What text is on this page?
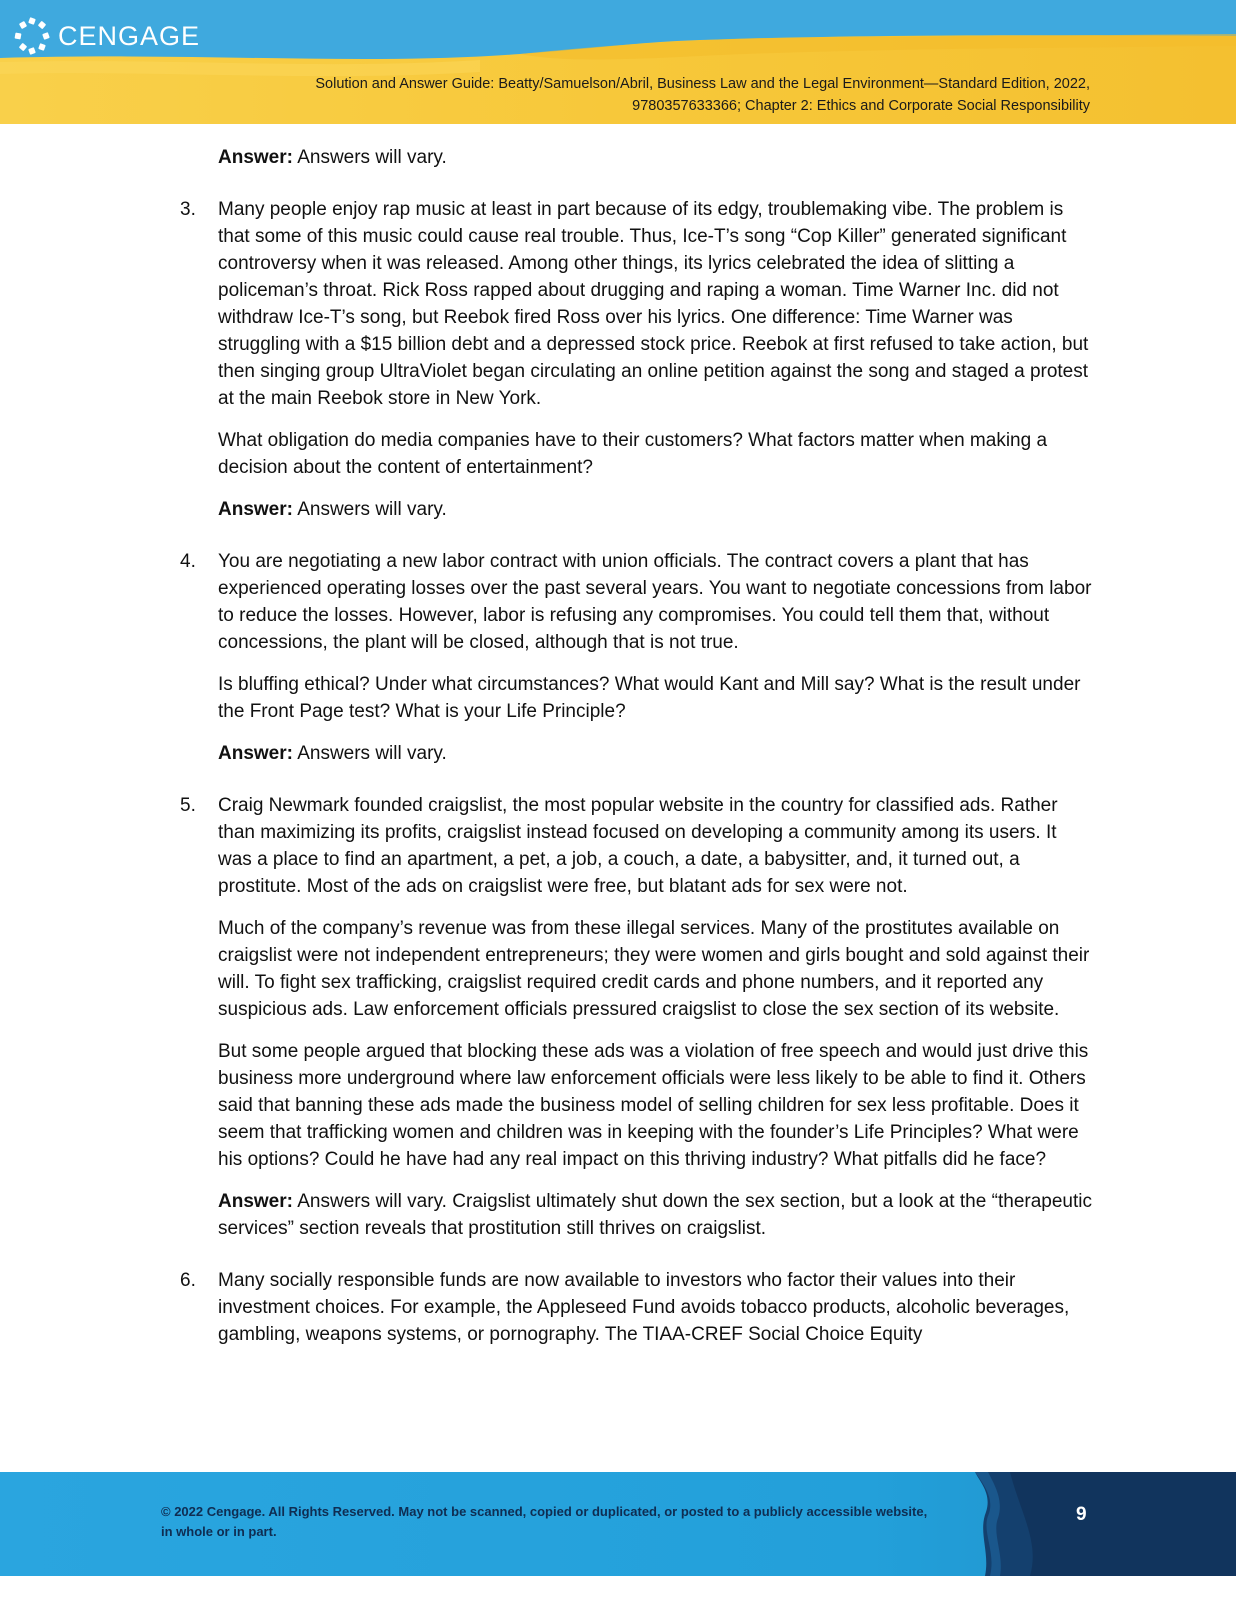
CENGAGE
Solution and Answer Guide: Beatty/Samuelson/Abril, Business Law and the Legal Environment—Standard Edition, 2022,
9780357633366; Chapter 2: Ethics and Corporate Social Responsibility

Answer: Answers will vary.

3. Many people enjoy rap music at least in part because of its edgy, troublemaking vibe. The problem is that some of this music could cause real trouble. Thus, Ice-T’s song “Cop Killer” generated significant controversy when it was released. Among other things, its lyrics celebrated the idea of slitting a policeman’s throat. Rick Ross rapped about drugging and raping a woman. Time Warner Inc. did not withdraw Ice-T’s song, but Reebok fired Ross over his lyrics. One difference: Time Warner was struggling with a $15 billion debt and a depressed stock price. Reebok at first refused to take action, but then singing group UltraViolet began circulating an online petition against the song and staged a protest at the main Reebok store in New York.

What obligation do media companies have to their customers? What factors matter when making a decision about the content of entertainment?

Answer: Answers will vary.

4. You are negotiating a new labor contract with union officials. The contract covers a plant that has experienced operating losses over the past several years. You want to negotiate concessions from labor to reduce the losses. However, labor is refusing any compromises. You could tell them that, without concessions, the plant will be closed, although that is not true.

Is bluffing ethical? Under what circumstances? What would Kant and Mill say? What is the result under the Front Page test? What is your Life Principle?

Answer: Answers will vary.

5. Craig Newmark founded craigslist, the most popular website in the country for classified ads. Rather than maximizing its profits, craigslist instead focused on developing a community among its users. It was a place to find an apartment, a pet, a job, a couch, a date, a babysitter, and, it turned out, a prostitute. Most of the ads on craigslist were free, but blatant ads for sex were not.

Much of the company’s revenue was from these illegal services. Many of the prostitutes available on craigslist were not independent entrepreneurs; they were women and girls bought and sold against their will. To fight sex trafficking, craigslist required credit cards and phone numbers, and it reported any suspicious ads. Law enforcement officials pressured craigslist to close the sex section of its website.

But some people argued that blocking these ads was a violation of free speech and would just drive this business more underground where law enforcement officials were less likely to be able to find it. Others said that banning these ads made the business model of selling children for sex less profitable. Does it seem that trafficking women and children was in keeping with the founder’s Life Principles? What were his options? Could he have had any real impact on this thriving industry? What pitfalls did he face?

Answer: Answers will vary. Craigslist ultimately shut down the sex section, but a look at the “therapeutic services” section reveals that prostitution still thrives on craigslist.

6. Many socially responsible funds are now available to investors who factor their values into their investment choices. For example, the Appleseed Fund avoids tobacco products, alcoholic beverages, gambling, weapons systems, or pornography. The TIAA-CREF Social Choice Equity

© 2022 Cengage. All Rights Reserved. May not be scanned, copied or duplicated, or posted to a publicly accessible website, in whole or in part.
9
